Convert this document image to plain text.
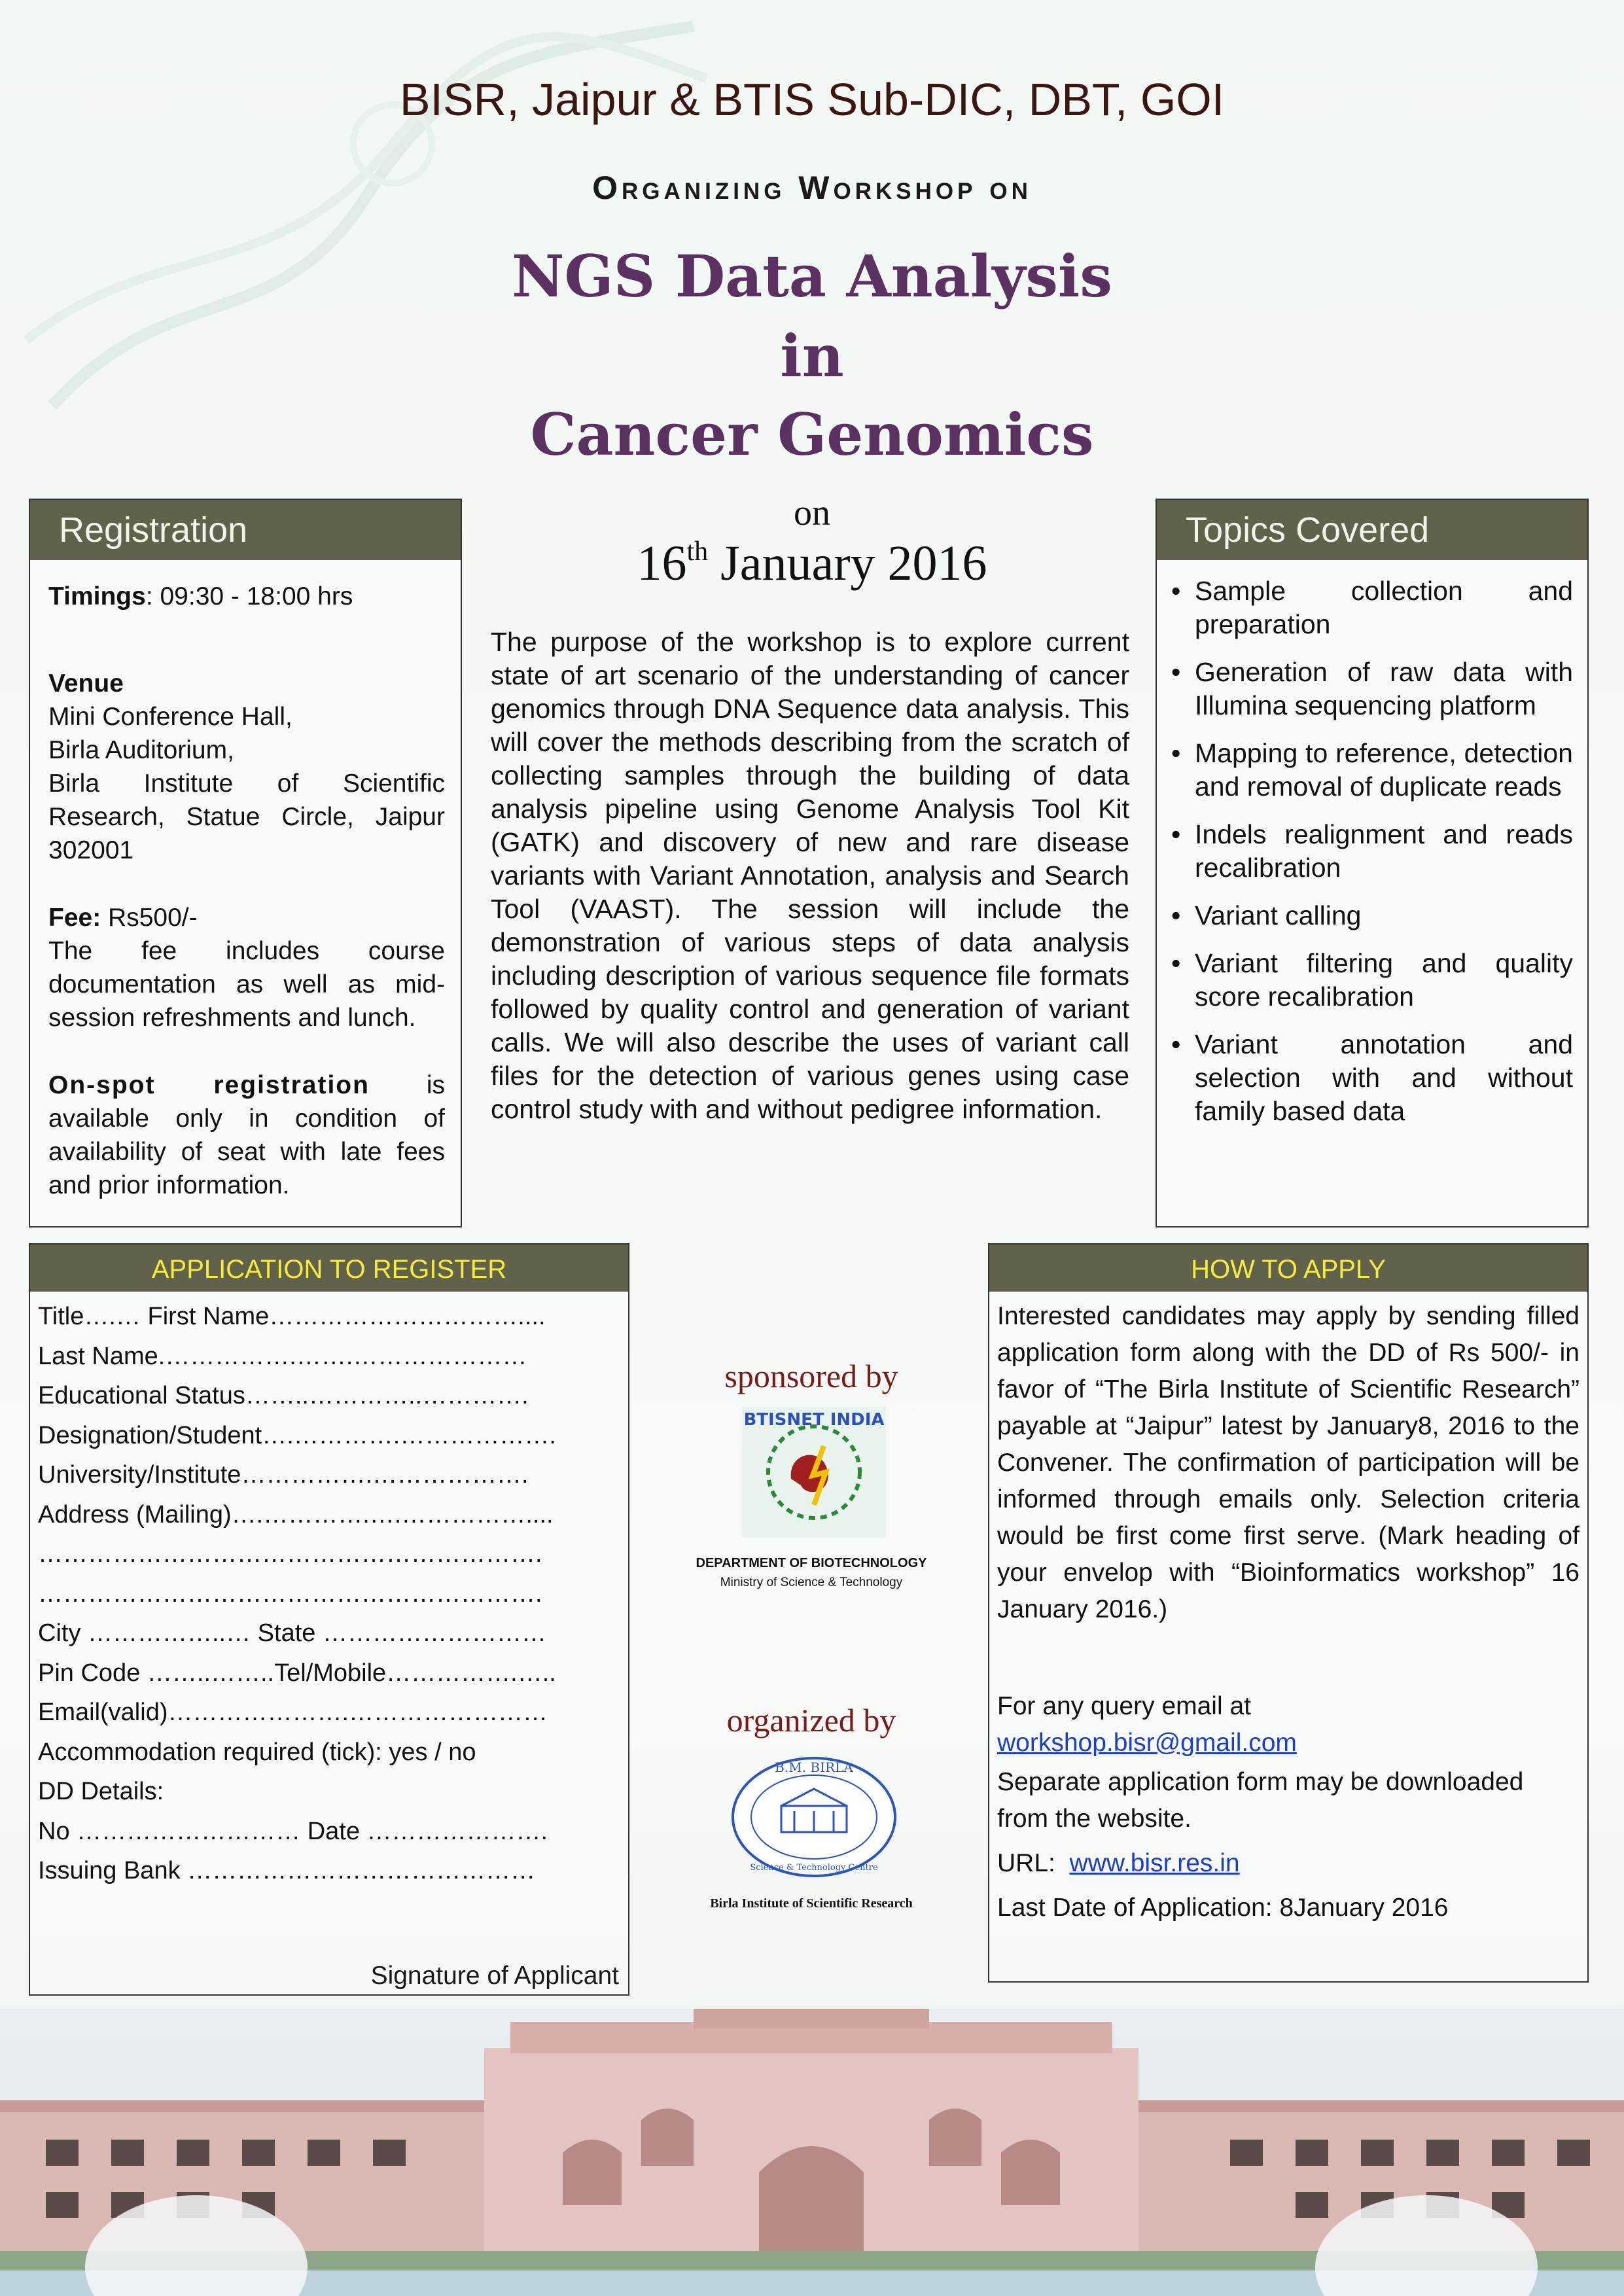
BISR, Jaipur & BTIS Sub-DIC, DBT, GOI
Organizing Workshop on
NGS Data Analysis
in
Cancer Genomics
on
16th January 2016
Registration
Timings: 09:30 - 18:00 hrs
Venue
Mini Conference Hall,
Birla Auditorium,

Birla Institute of Scientific Research, Statue Circle, Jaipur 302001

Fee: Rs500/-

The fee includes course documentation as well as mid-session refreshments and lunch.

On-spot registration is available only in condition of availability of seat with late fees and prior information.

The purpose of the workshop is to explore current state of art scenario of the understanding of cancer genomics through DNA Sequence data analysis. This will cover the methods describing from the scratch of collecting samples through the building of data analysis pipeline using Genome Analysis Tool Kit (GATK) and discovery of new and rare disease variants with Variant Annotation, analysis and Search Tool (VAAST). The session will include the demonstration of various steps of data analysis including description of various sequence file formats followed by quality control and generation of variant calls. We will also describe the uses of variant call files for the detection of various genes using case control study with and without pedigree information.

Topics Covered
• Sample collection and preparation
• Generation of raw data with Illumina sequencing platform
• Mapping to reference, detection and removal of duplicate reads
• Indels realignment and reads recalibration
• Variant calling
• Variant filtering and quality score recalibration
• Variant annotation and selection with and without family based data
APPLICATION TO REGISTER
Title….… First Name…………………………....
Last Name.…………….…….…………………
Educational Status……..…………..………….
Designation/Student….………….……………….
University/Institute…………….……………….
Address (Mailing)….………….….……………....
…………………………………………………….
…………………………………………………….
City ……………..… State ………………………
Pin Code ……..……..Tel/Mobile…………….…..
Email(valid)………………….……………………
Accommodation required (tick): yes / no
DD Details:
No ……………………… Date ………………….
Issuing Bank ……………………………………
Signature of Applicant
sponsored by
BTISNET INDIA
DEPARTMENT OF BIOTECHNOLOGY
Ministry of Science & Technology
organized by
B.M. BIRLA
Science & Technology Centre
Birla Institute of Scientific Research
HOW TO APPLY

Interested candidates may apply by sending filled application form along with the DD of Rs 500/- in favor of “The Birla Institute of Scientific Research” payable at “Jaipur” latest by January8, 2016 to the Convener. The confirmation of participation will be informed through emails only. Selection criteria would be first come first serve. (Mark heading of your envelop with “Bioinformatics workshop” 16 January 2016.)

For any query email at
workshop.bisr@gmail.com

Separate application form may be downloaded from the website.

URL: www.bisr.res.in
Last Date of Application: 8January 2016
